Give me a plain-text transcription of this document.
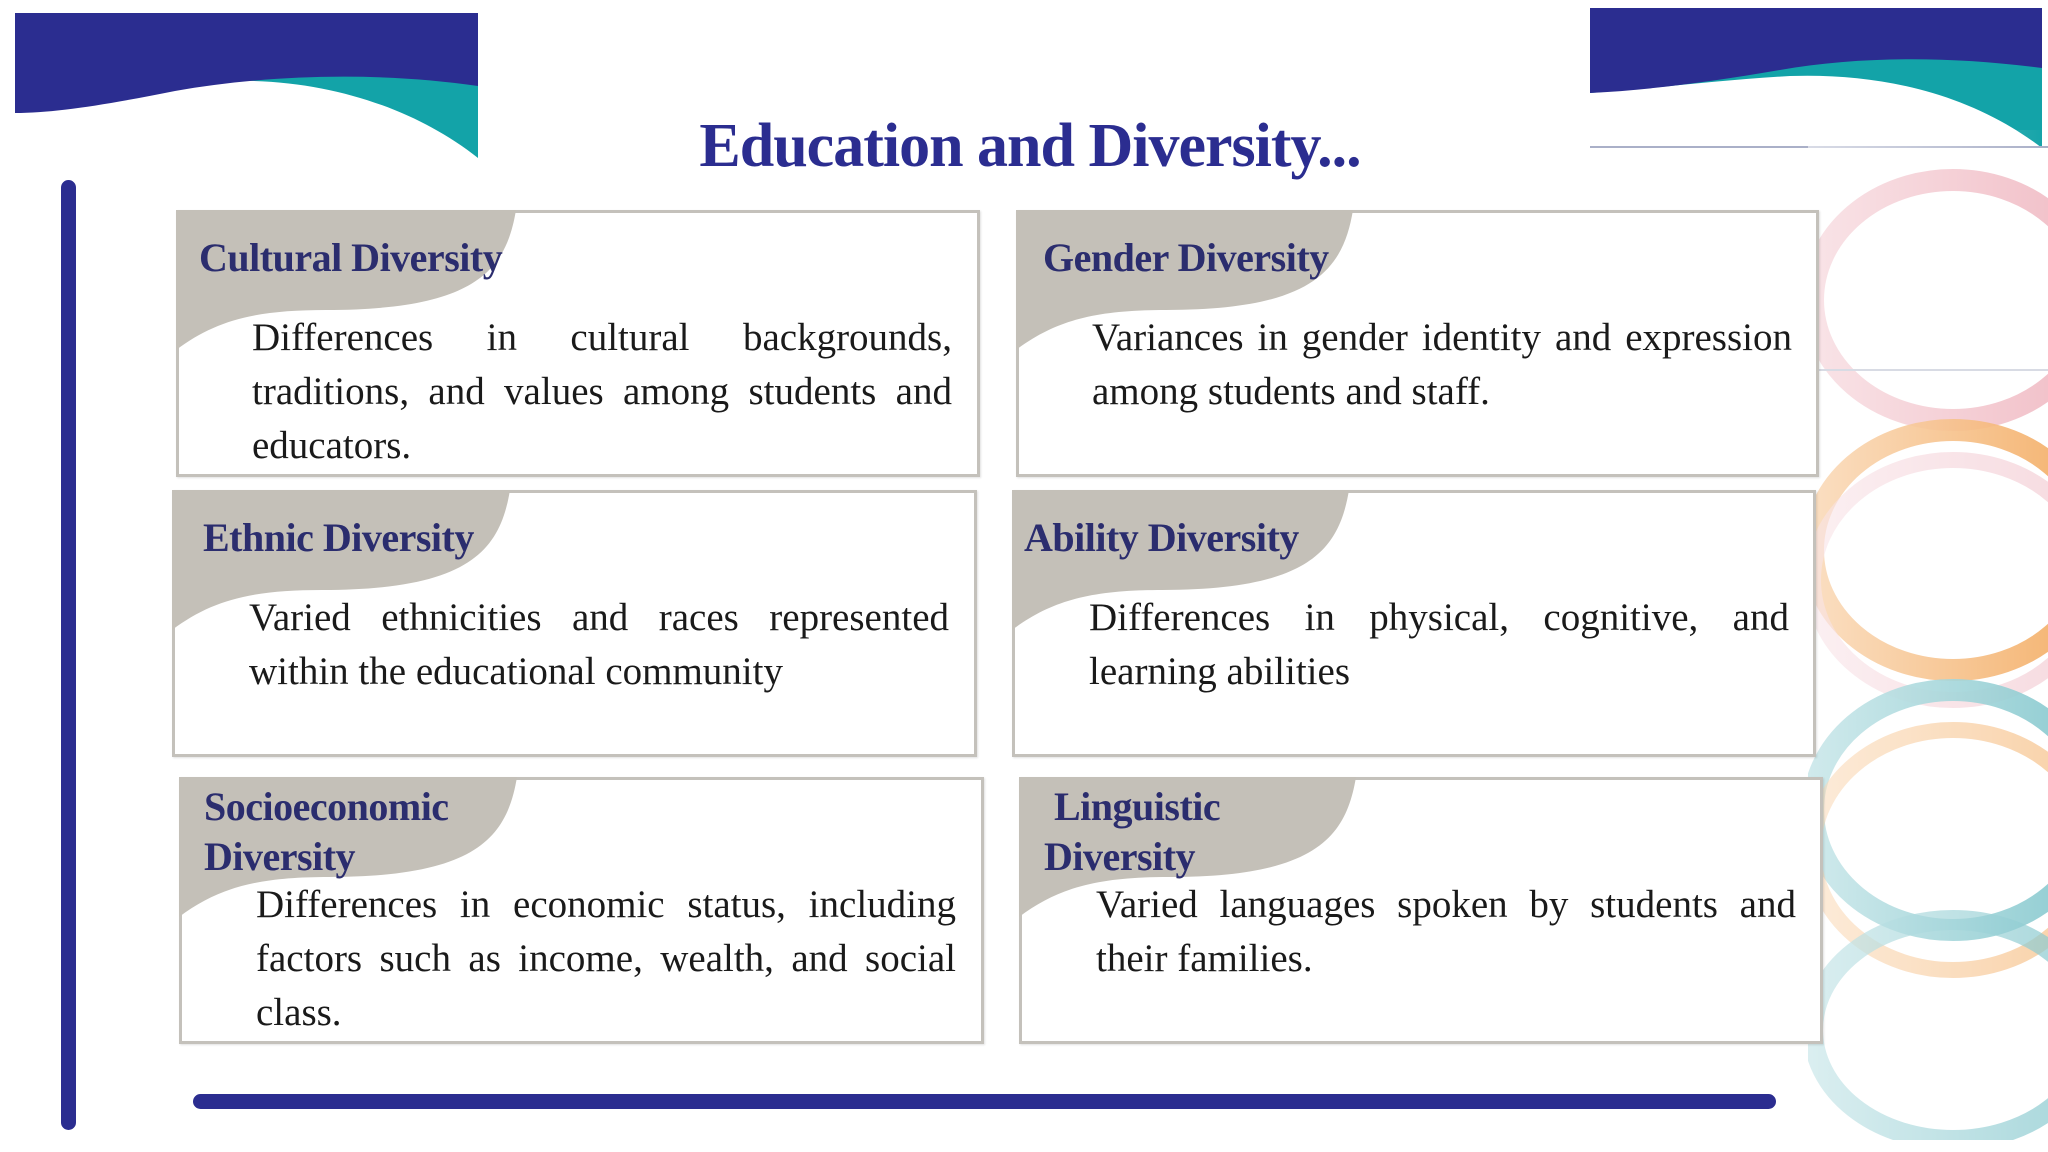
Education and Diversity...
Cultural Diversity
Differences in cultural backgrounds, traditions, and values among students and educators.
Gender Diversity
Variances in gender identity and expression among students and staff.
Ethnic Diversity
Varied ethnicities and races represented within the educational community
Ability Diversity
Differences in physical, cognitive, and learning abilities
Socioeconomic
Diversity
Differences in economic status, including factors such as income, wealth, and social class.
Linguistic
Diversity
Varied languages spoken by students and their families.
